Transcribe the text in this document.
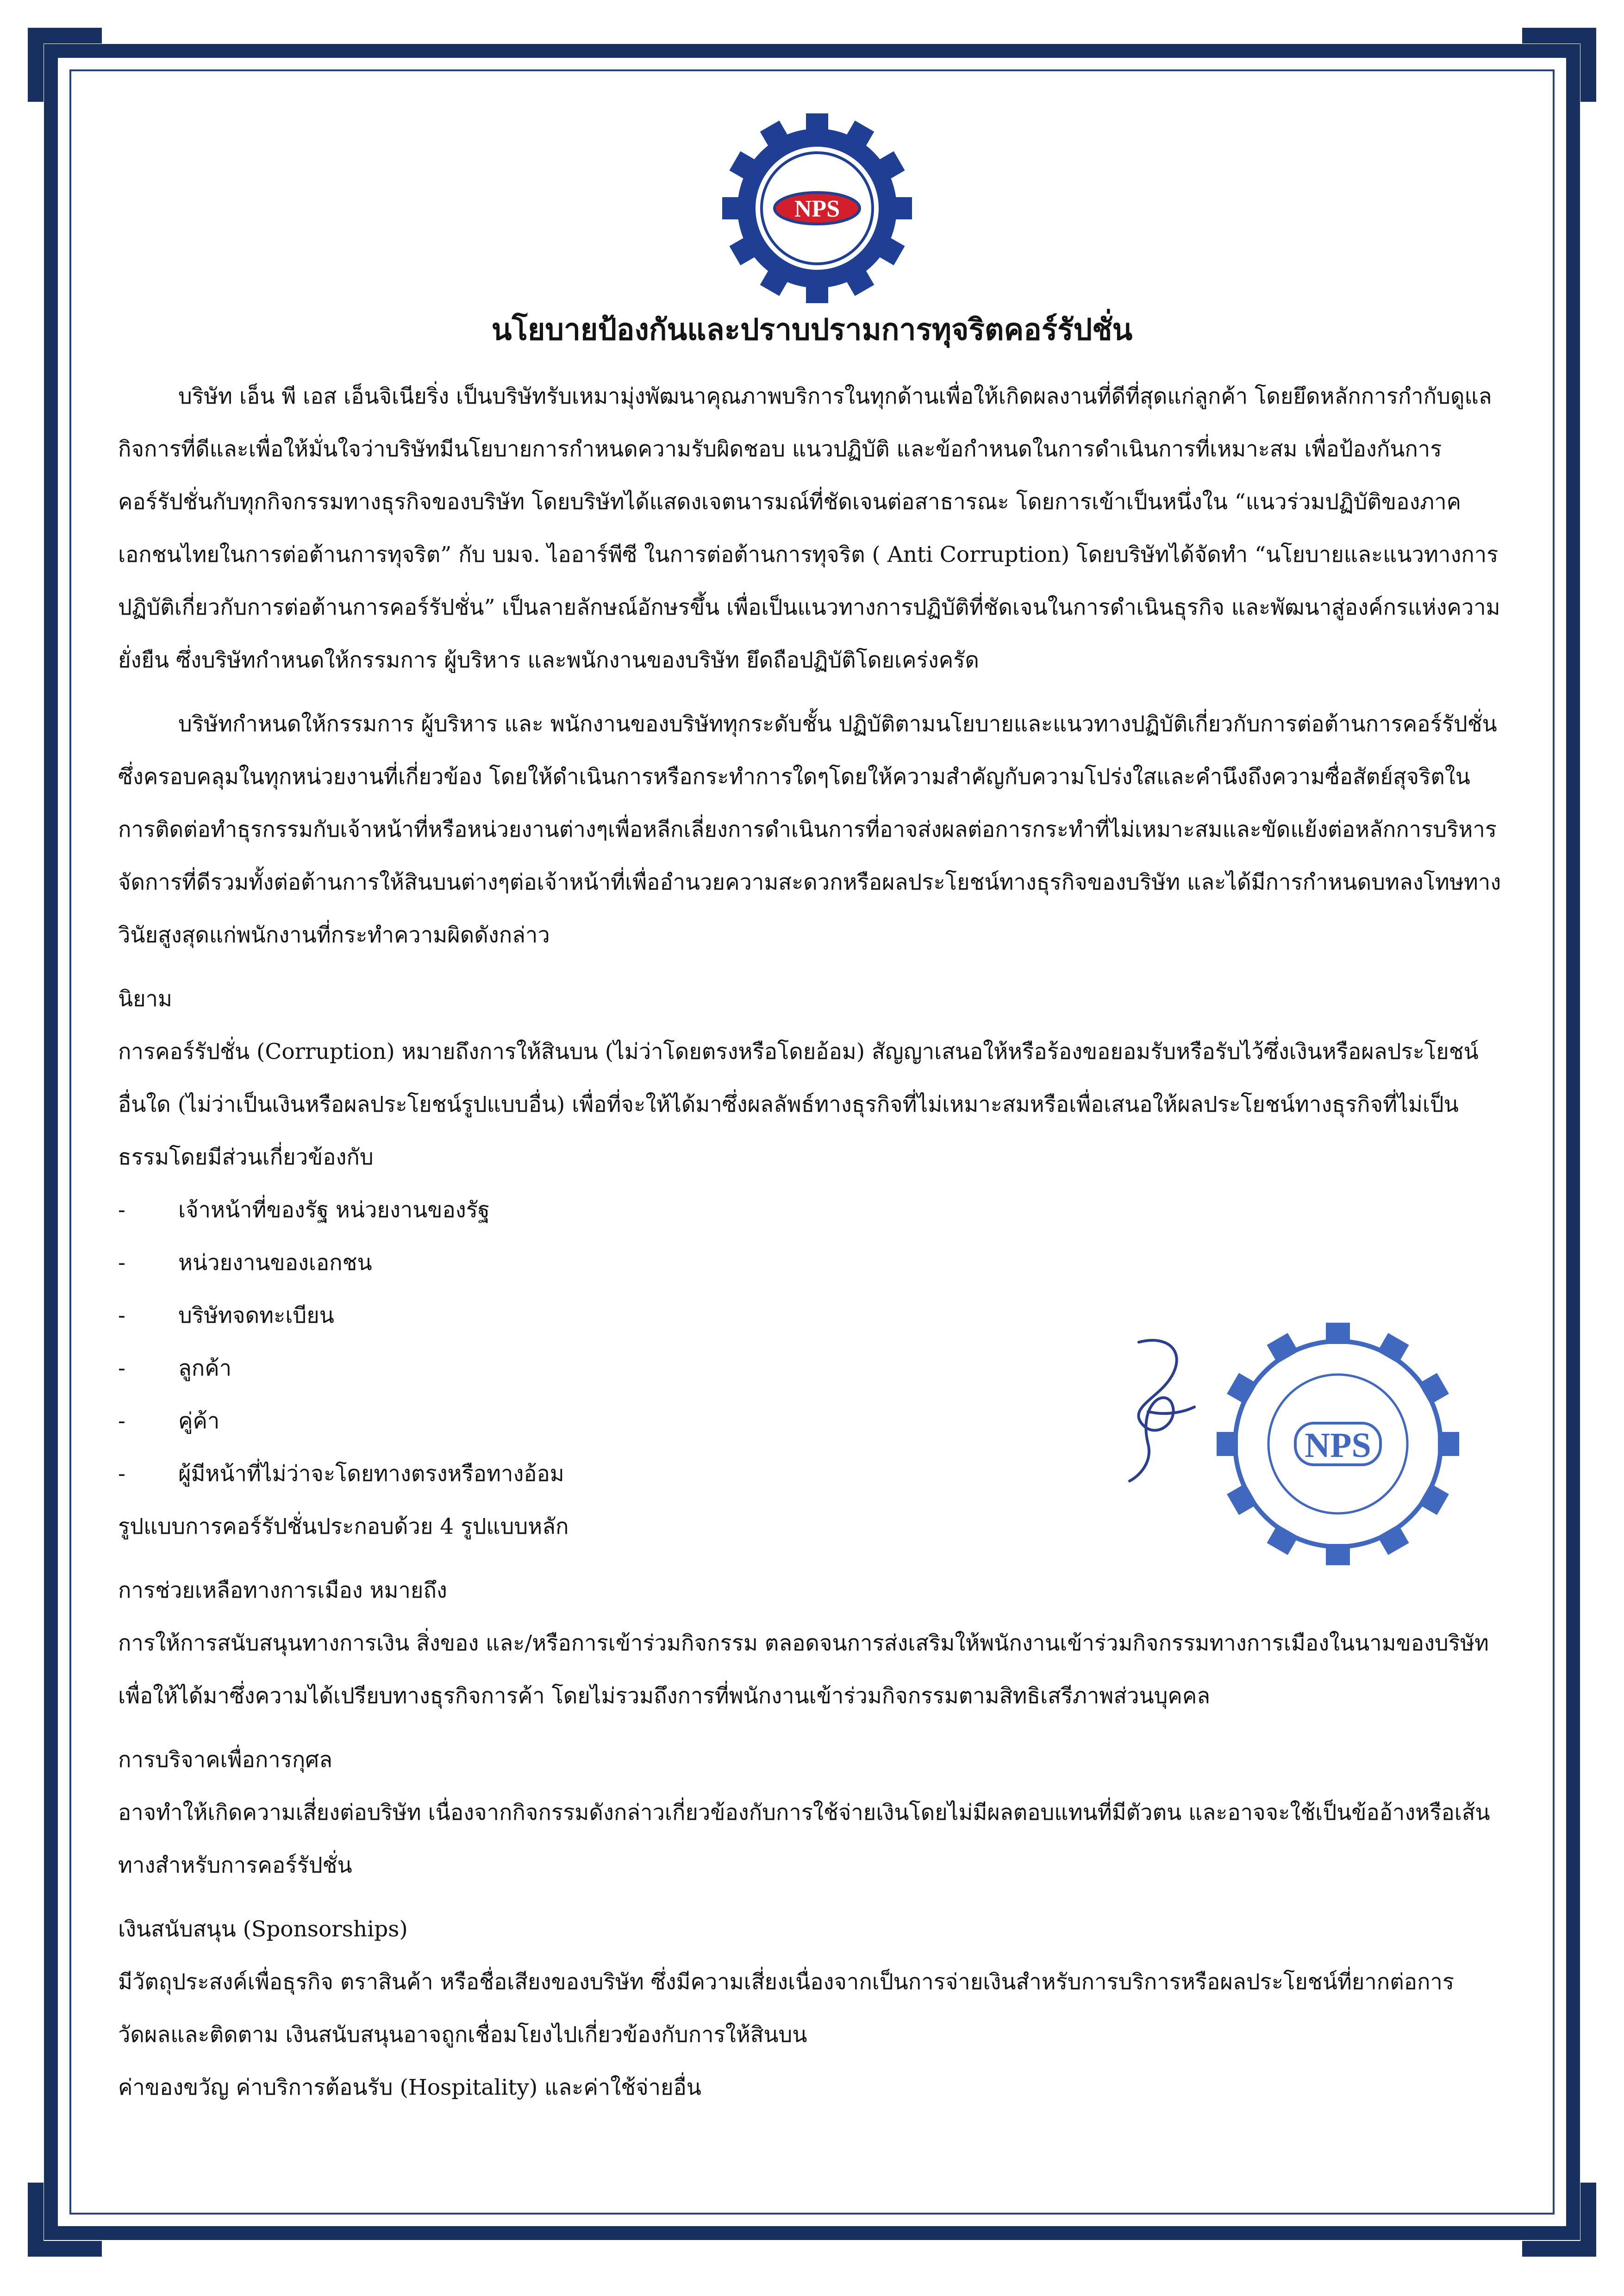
NPS
NPS
นโยบายป้องกันและปราบปรามการทุจริตคอร์รัปชั่น

บริษัท เอ็น พี เอส เอ็นจิเนียริ่ง เป็นบริษัทรับเหมามุ่งพัฒนาคุณภาพบริการในทุกด้านเพื่อให้เกิดผลงานที่ดีที่สุดแก่ลูกค้า โดยยึดหลักการกำกับดูแลกิจการที่ดีและเพื่อให้มั่นใจว่าบริษัทมีนโยบายการกำหนดความรับผิดชอบ แนวปฏิบัติ และข้อกำหนดในการดำเนินการที่เหมาะสม เพื่อป้องกันการคอร์รัปชั่นกับทุกกิจกรรมทางธุรกิจของบริษัท โดยบริษัทได้แสดงเจตนารมณ์ที่ชัดเจนต่อสาธารณะ โดยการเข้าเป็นหนึ่งใน “แนวร่วมปฏิบัติของภาคเอกชนไทยในการต่อต้านการทุจริต” กับ บมจ. ไออาร์พีซี ในการต่อต้านการทุจริต ( Anti Corruption) โดยบริษัทได้จัดทำ “นโยบายและแนวทางการปฏิบัติเกี่ยวกับการต่อต้านการคอร์รัปชั่น” เป็นลายลักษณ์อักษรขึ้น เพื่อเป็นแนวทางการปฏิบัติที่ชัดเจนในการดำเนินธุรกิจ และพัฒนาสู่องค์กรแห่งความยั่งยืน ซึ่งบริษัทกำหนดให้กรรมการ ผู้บริหาร และพนักงานของบริษัท ยึดถือปฏิบัติโดยเคร่งครัด

บริษัทกำหนดให้กรรมการ ผู้บริหาร และ พนักงานของบริษัททุกระดับชั้น ปฏิบัติตามนโยบายและแนวทางปฏิบัติเกี่ยวกับการต่อต้านการคอร์รัปชั่นซึ่งครอบคลุมในทุกหน่วยงานที่เกี่ยวข้อง โดยให้ดำเนินการหรือกระทำการใดๆโดยให้ความสำคัญกับความโปร่งใสและคำนึงถึงความซื่อสัตย์สุจริตในการติดต่อทำธุรกรรมกับเจ้าหน้าที่หรือหน่วยงานต่างๆเพื่อหลีกเลี่ยงการดำเนินการที่อาจส่งผลต่อการกระทำที่ไม่เหมาะสมและขัดแย้งต่อหลักการบริหารจัดการที่ดีรวมทั้งต่อต้านการให้สินบนต่างๆต่อเจ้าหน้าที่เพื่ออำนวยความสะดวกหรือผลประโยชน์ทางธุรกิจของบริษัท และได้มีการกำหนดบทลงโทษทางวินัยสูงสุดแก่พนักงานที่กระทำความผิดดังกล่าว

นิยาม

การคอร์รัปชั่น (Corruption) หมายถึงการให้สินบน (ไม่ว่าโดยตรงหรือโดยอ้อม) สัญญาเสนอให้หรือร้องขอยอมรับหรือรับไว้ซึ่งเงินหรือผลประโยชน์อื่นใด (ไม่ว่าเป็นเงินหรือผลประโยชน์รูปแบบอื่น) เพื่อที่จะให้ได้มาซึ่งผลลัพธ์ทางธุรกิจที่ไม่เหมาะสมหรือเพื่อเสนอให้ผลประโยชน์ทางธุรกิจที่ไม่เป็นธรรมโดยมีส่วนเกี่ยวข้องกับ

-	เจ้าหน้าที่ของรัฐ หน่วยงานของรัฐ
-	หน่วยงานของเอกชน
-	บริษัทจดทะเบียน
-	ลูกค้า
-	คู่ค้า
-	ผู้มีหน้าที่ไม่ว่าจะโดยทางตรงหรือทางอ้อม

รูปแบบการคอร์รัปชั่นประกอบด้วย 4 รูปแบบหลัก

การช่วยเหลือทางการเมือง หมายถึง

การให้การสนับสนุนทางการเงิน สิ่งของ และ/หรือการเข้าร่วมกิจกรรม ตลอดจนการส่งเสริมให้พนักงานเข้าร่วมกิจกรรมทางการเมืองในนามของบริษัท เพื่อให้ได้มาซึ่งความได้เปรียบทางธุรกิจการค้า โดยไม่รวมถึงการที่พนักงานเข้าร่วมกิจกรรมตามสิทธิเสรีภาพส่วนบุคคล

การบริจาคเพื่อการกุศล

อาจทำให้เกิดความเสี่ยงต่อบริษัท เนื่องจากกิจกรรมดังกล่าวเกี่ยวข้องกับการใช้จ่ายเงินโดยไม่มีผลตอบแทนที่มีตัวตน และอาจจะใช้เป็นข้ออ้างหรือเส้นทางสำหรับการคอร์รัปชั่น

เงินสนับสนุน (Sponsorships)

มีวัตถุประสงค์เพื่อธุรกิจ ตราสินค้า หรือชื่อเสียงของบริษัท ซึ่งมีความเสี่ยงเนื่องจากเป็นการจ่ายเงินสำหรับการบริการหรือผลประโยชน์ที่ยากต่อการวัดผลและติดตาม เงินสนับสนุนอาจถูกเชื่อมโยงไปเกี่ยวข้องกับการให้สินบน

ค่าของขวัญ ค่าบริการต้อนรับ (Hospitality) และค่าใช้จ่ายอื่น
